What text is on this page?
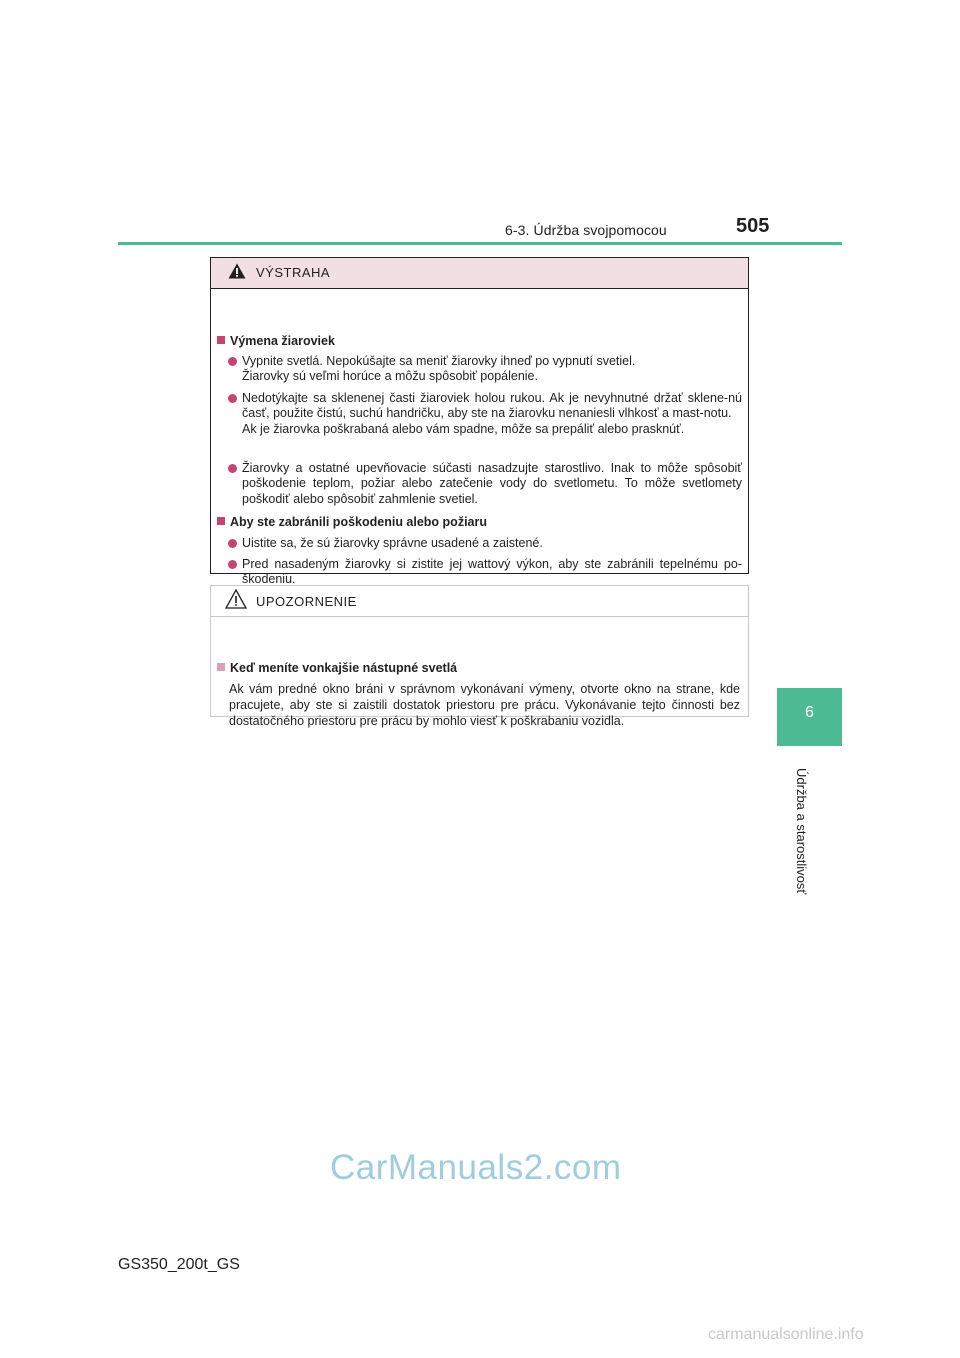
6-3. Údržba svojpomocou	505
6
Údržba a starostlivosť
VÝSTRAHA
Výmena žiaroviek
Vypnite svetlá. Nepokúšajte sa meniť žiarovky ihneď po vypnutí svetiel.
Žiarovky sú veľmi horúce a môžu spôsobiť popálenie.
Nedotýkajte sa sklenenej časti žiaroviek holou rukou. Ak je nevyhnutné držať sklene-nú časť, použite čistú, suchú handričku, aby ste na žiarovku nenaniesli vlhkosť a mast-notu.
Ak je žiarovka poškrabaná alebo vám spadne, môže sa prepáliť alebo prasknúť.
Žiarovky a ostatné upevňovacie súčasti nasadzujte starostlivo. Inak to môže spôsobiť poškodenie teplom, požiar alebo zatečenie vody do svetlometu. To môže svetlomety poškodiť alebo spôsobiť zahmlenie svetiel.
Aby ste zabránili poškodeniu alebo požiaru
Uistite sa, že sú žiarovky správne usadené a zaistené.
Pred nasadeným žiarovky si zistite jej wattový výkon, aby ste zabránili tepelnému po-škodeniu.
UPOZORNENIE
Keď meníte vonkajšie nástupné svetlá
Ak vám predné okno bráni v správnom vykonávaní výmeny, otvorte okno na strane, kde pracujete, aby ste si zaistili dostatok priestoru pre prácu. Vykonávanie tejto činnosti bez dostatočného priestoru pre prácu by mohlo viesť k poškrabaniu vozidla.
CarManuals2.com
GS350_200t_GS
carmanualsonline.info
